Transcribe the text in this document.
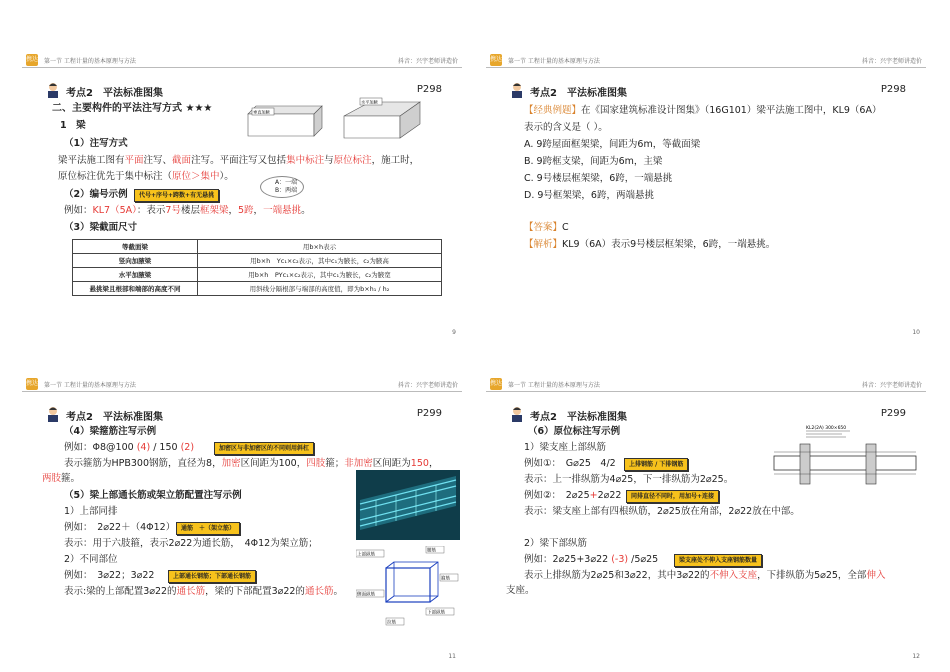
携达 第一节 工程计量的基本原理与方法	抖音：兴宇老师讲造价
考点2　平法标准图集	P298
二、主要构件的平法注写方式 ★★★
1　梁
（1）注写方式
梁平法施工图有平面注写、截面注写。平面注写又包括集中标注与原位标注，施工时，
原位标注优先于集中标注（原位＞集中）。
（2）编号示例	代号+序号+跨数+有无悬挑
A：一端
B：两端
例如：KL7（5A）：表示7号楼层框架梁，5跨，一端悬挑。
（3）梁截面尺寸
垂直加腋
水平加腋
等截面梁	用b×h表示
竖向加腋梁	用b×h　Yc₁×c₂表示，其中c₁为腋长，c₂为腋高
水平加腋梁	用b×h　PYc₁×c₂表示，其中c₁为腋长，c₂为腋宽
悬挑梁且根部和端部的高度不同	用斜线分隔根部与端部的高度值，即为b×h₁ / h₂
9
携达 第一节 工程计量的基本原理与方法	抖音：兴宇老师讲造价
考点2　平法标准图集	P298
【经典例题】在《国家建筑标准设计图集》（16G101）梁平法施工图中，KL9（6A）
表示的含义是（ ）。
A. 9跨屋面框架梁，间距为6m，等截面梁
B. 9跨框支梁，间距为6m，主梁
C. 9号楼层框架梁，6跨，一端悬挑
D. 9号框架梁，6跨，两端悬挑
【答案】C
【解析】KL9（6A）表示9号楼层框架梁，6跨，一端悬挑。
10
携达 第一节 工程计量的基本原理与方法	抖音：兴宇老师讲造价
考点2　平法标准图集	P299
（4）梁箍筋注写示例
例如：Φ8@100 (4) / 150 (2)	加密区与非加密区的不同则用斜杠
表示箍筋为HPB300钢筋，直径为8，加密区间距为100，四肢箍；非加密区间距为150，
两肢箍。
（5）梁上部通长筋或架立筋配置注写示例
1）上部同排
例如：　2⌀22＋（4Φ12） 通筋　＋（架立筋）
表示：用于六肢箍，表示2⌀22为通长筋，　4Φ12为架立筋；
2）不同部位
例如：　3⌀22；3⌀22	上部通长钢筋；下部通长钢筋
表示:梁的上部配置3⌀22的通长筋，梁的下部配置3⌀22的通长筋。
上部纵筋
腰筋
箍筋
下部纵筋
侧面纵筋
拉筋
11
携达 第一节 工程计量的基本原理与方法	抖音：兴宇老师讲造价
考点2　平法标准图集	P299
（6）原位标注写示例
1）梁支座上部纵筋
例如①：　G⌀25　4/2	上排钢筋 / 下排钢筋
表示：上一排纵筋为4⌀25，下一排纵筋为2⌀25。
例如②：　2⌀25+2⌀22	同排直径不同时，用加号+连接
表示：梁支座上部有四根纵筋，2⌀25放在角部，2⌀22放在中部。
2）梁下部纵筋
例如：2⌀25+3⌀22 (-3) /5⌀25	梁支座处不伸入支座钢筋数量
表示上排纵筋为2⌀25和3⌀22，其中3⌀22的不伸入支座，下排纵筋为5⌀25，全部伸入
支座。
KL2(2A) 300×650
12
